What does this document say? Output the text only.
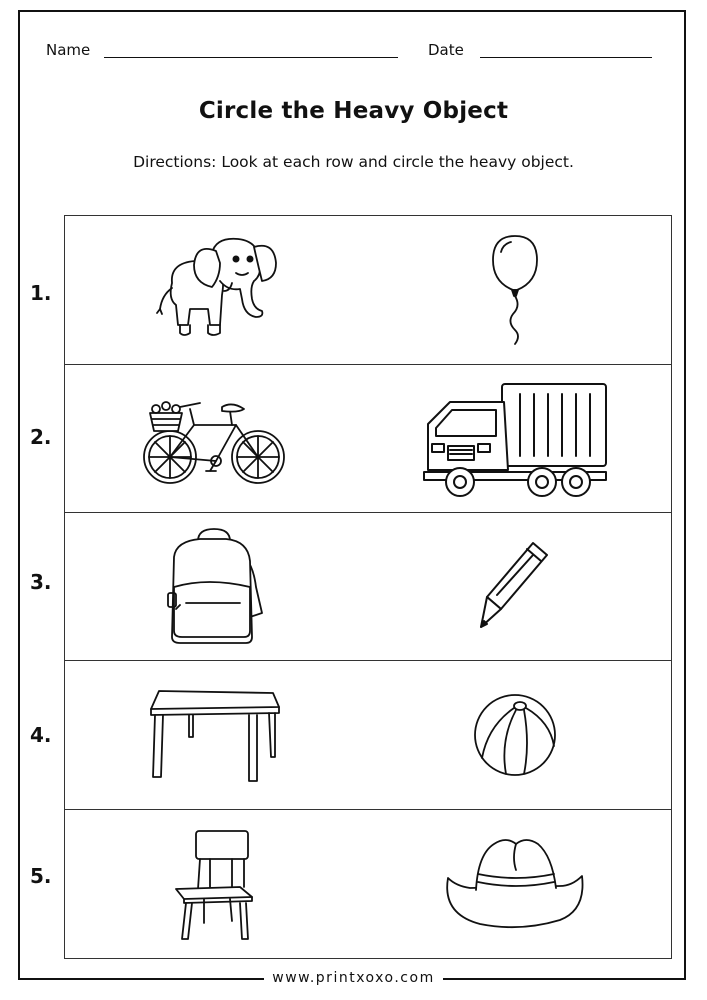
Name	Date
Circle the Heavy Object
Directions: Look at each row and circle the heavy object.
1.
2.
3.
4.
5.
www.printxoxo.com
